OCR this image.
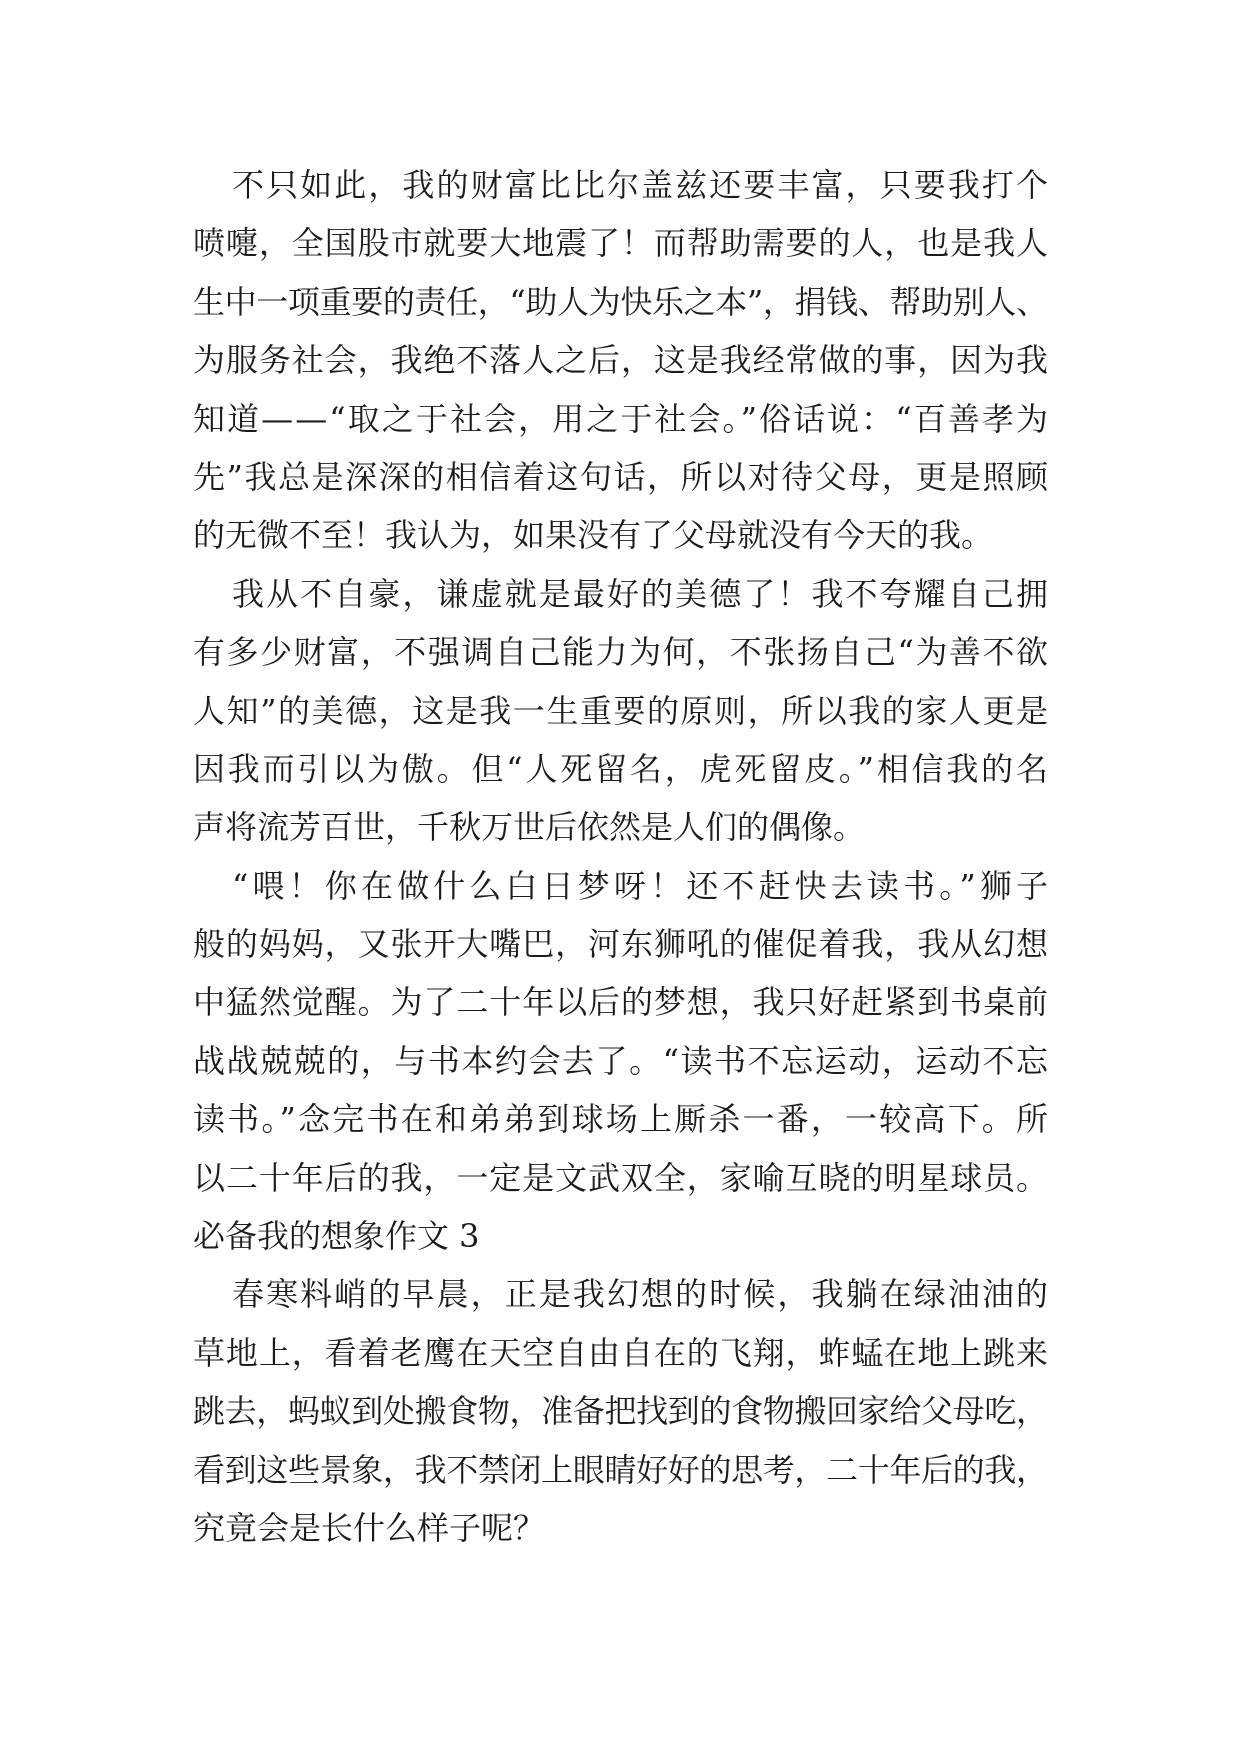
不只如此，我的财富比比尔盖兹还要丰富，只要我打个
喷嚏，全国股市就要大地震了！而帮助需要的人，也是我人
生中一项重要的责任，“助人为快乐之本”，捐钱、帮助别人、
为服务社会，我绝不落人之后，这是我经常做的事，因为我
知道——“取之于社会，用之于社会。”俗话说：“百善孝为
先”我总是深深的相信着这句话，所以对待父母，更是照顾
的无微不至！我认为，如果没有了父母就没有今天的我。
我从不自豪，谦虚就是最好的美德了！我不夸耀自己拥
有多少财富，不强调自己能力为何，不张扬自己“为善不欲
人知”的美德，这是我一生重要的原则，所以我的家人更是
因我而引以为傲。但“人死留名，虎死留皮。”相信我的名
声将流芳百世，千秋万世后依然是人们的偶像。
“喂！你在做什么白日梦呀！还不赶快去读书。”狮子
般的妈妈，又张开大嘴巴，河东狮吼的催促着我，我从幻想
中猛然觉醒。为了二十年以后的梦想，我只好赶紧到书桌前
战战兢兢的，与书本约会去了。“读书不忘运动，运动不忘
读书。”念完书在和弟弟到球场上厮杀一番，一较高下。所
以二十年后的我，一定是文武双全，家喻互晓的明星球员。
必备我的想象作文 3
春寒料峭的早晨，正是我幻想的时候，我躺在绿油油的
草地上，看着老鹰在天空自由自在的飞翔，蚱蜢在地上跳来
跳去，蚂蚁到处搬食物，准备把找到的食物搬回家给父母吃，
看到这些景象，我不禁闭上眼睛好好的思考，二十年后的我，
究竟会是长什么样子呢？
